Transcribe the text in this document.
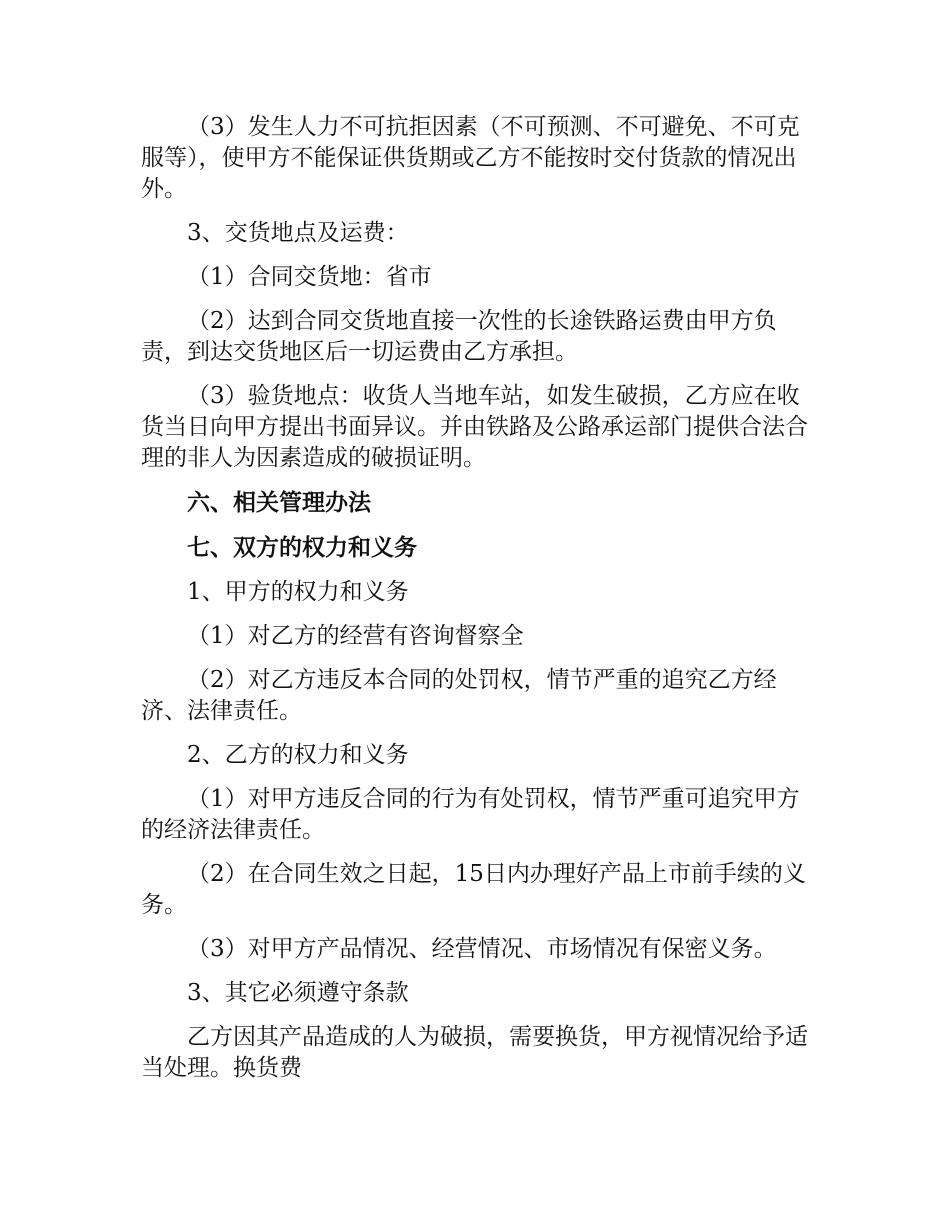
（3）发生人力不可抗拒因素（不可预测、不可避免、不可克服等），使甲方不能保证供货期或乙方不能按时交付货款的情况出外。

3、交货地点及运费：

（1）合同交货地：省市

（2）达到合同交货地直接一次性的长途铁路运费由甲方负责，到达交货地区后一切运费由乙方承担。

（3）验货地点：收货人当地车站，如发生破损，乙方应在收货当日向甲方提出书面异议。并由铁路及公路承运部门提供合法合理的非人为因素造成的破损证明。

六、相关管理办法

七、双方的权力和义务

1、甲方的权力和义务

（1）对乙方的经营有咨询督察全

（2）对乙方违反本合同的处罚权，情节严重的追究乙方经济、法律责任。

2、乙方的权力和义务

（1）对甲方违反合同的行为有处罚权，情节严重可追究甲方的经济法律责任。

（2）在合同生效之日起，15日内办理好产品上市前手续的义务。

（3）对甲方产品情况、经营情况、市场情况有保密义务。

3、其它必须遵守条款

乙方因其产品造成的人为破损，需要换货，甲方视情况给予适当处理。换货费
